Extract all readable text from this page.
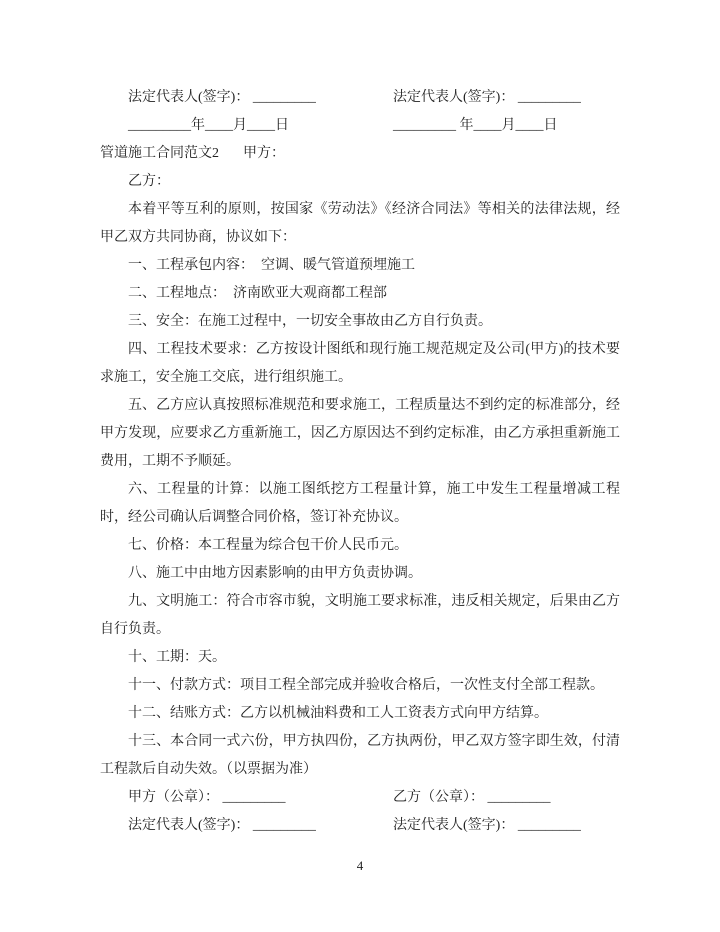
法定代表人(签字)： _________	法定代表人(签字)： _________
_________年____月____日	_________ 年____月____日
管道施工合同范文2 甲方：
乙方：
本着平等互利的原则，按国家《劳动法》《经济合同法》等相关的法律法规，经甲乙双方共同协商，协议如下：
一、工程承包内容：　空调、暖气管道预埋施工
二、工程地点：　济南欧亚大观商都工程部
三、安全：在施工过程中，一切安全事故由乙方自行负责。
四、工程技术要求：乙方按设计图纸和现行施工规范规定及公司(甲方)的技术要求施工，安全施工交底，进行组织施工。
五、乙方应认真按照标准规范和要求施工，工程质量达不到约定的标准部分，经甲方发现，应要求乙方重新施工，因乙方原因达不到约定标准，由乙方承担重新施工费用，工期不予顺延。
六、工程量的计算：以施工图纸挖方工程量计算，施工中发生工程量增减工程时，经公司确认后调整合同价格，签订补充协议。
七、价格：本工程量为综合包干价人民币元。
八、施工中由地方因素影响的由甲方负责协调。
九、文明施工：符合市容市貌，文明施工要求标准，违反相关规定，后果由乙方自行负责。
十、工期：天。
十一、付款方式：项目工程全部完成并验收合格后，一次性支付全部工程款。
十二、结账方式：乙方以机械油料费和工人工资表方式向甲方结算。
十三、本合同一式六份，甲方执四份，乙方执两份，甲乙双方签字即生效，付清工程款后自动失效。（以票据为准）
甲方（公章）： _________	乙方（公章）： _________
法定代表人(签字)： _________	法定代表人(签字)： _________
4
